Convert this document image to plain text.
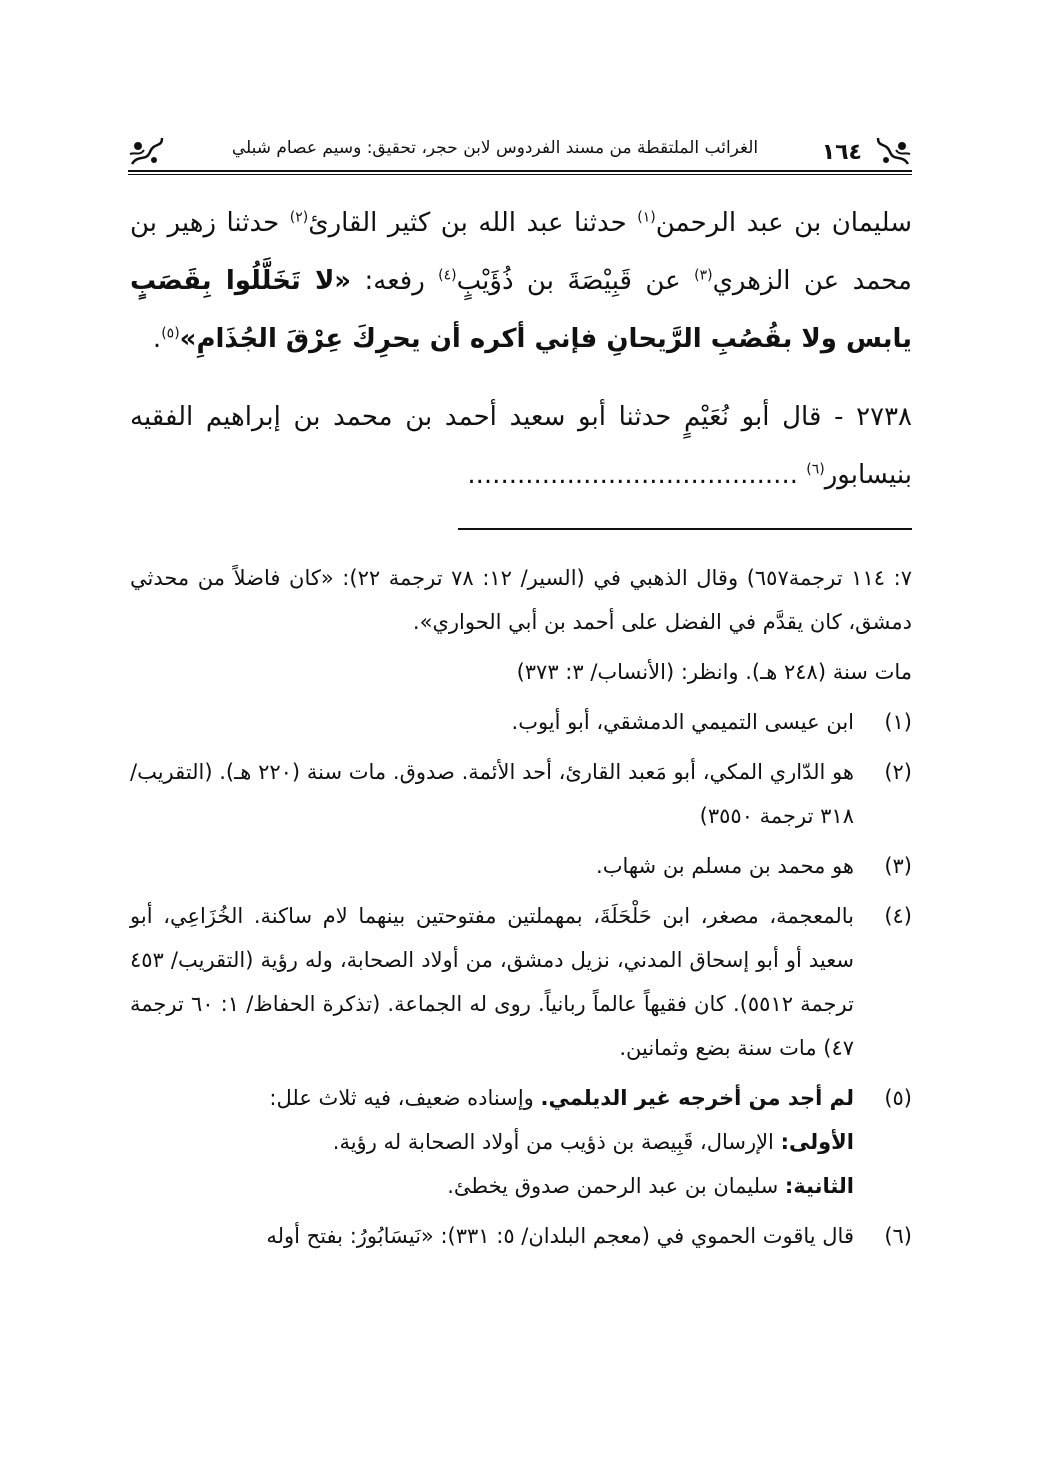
الغرائب الملتقطة من مسند الفردوس لابن حجر، تحقيق: وسيم عصام شبلي	١٦٤

سليمان بن عبد الرحمن$^{(١)}$ حدثنا عبد الله بن كثير القارئ$^{(٢)}$ حدثنا زهير بن محمد عن الزهري$^{(٣)}$ عن قَبِيْصَةَ بن ذُؤَيْبٍ$^{(٤)}$ رفعه: «لا تَخَلَّلُوا بِقَصَبٍ يابس ولا بقُصُبِ الرَّيحانِ فإني أكره أن يحرِكَ عِرْقَ الجُذَامِ»$^{(٥)}$.

٢٧٣٨ - قال أبو نُعَيْمٍ حدثنا أبو سعيد أحمد بن محمد بن إبراهيم الفقيه بنيسابور$^{(٦)}$ ........................................

٧: ١١٤ ترجمة٦٥٧) وقال الذهبي في (السير/ ١٢: ٧٨ ترجمة ٢٢): «كان فاضلاً من محدثي دمشق، كان يقدَّم في الفضل على أحمد بن أبي الحواري».

مات سنة (٢٤٨ هـ). وانظر: (الأنساب/ ٣: ٣٧٣)

(١)
ابن عيسى التميمي الدمشقي، أبو أيوب.
(٢)
هو الدّاري المكي، أبو مَعبد القارئ، أحد الأئمة. صدوق. مات سنة (٢٢٠ هـ). (التقريب/ ٣١٨ ترجمة ٣٥٥٠)
(٣)
هو محمد بن مسلم بن شهاب.
(٤)
بالمعجمة، مصغر، ابن حَلْحَلَةَ، بمهملتين مفتوحتين بينهما لام ساكنة. الخُزَاعِي، أبو سعيد أو أبو إسحاق المدني، نزيل دمشق، من أولاد الصحابة، وله رؤية (التقريب/ ٤٥٣ ترجمة ٥٥١٢). كان فقيهاً عالماً ربانياً. روى له الجماعة. (تذكرة الحفاظ/ ١: ٦٠ ترجمة ٤٧) مات سنة بضع وثمانين.
(٥)
لم أجد من أخرجه غير الديلمي. وإسناده ضعيف، فيه ثلاث علل:
الأولى: الإرسال، قَبِيصة بن ذؤيب من أولاد الصحابة له رؤية.
الثانية: سليمان بن عبد الرحمن صدوق يخطئ.
(٦)
قال ياقوت الحموي في (معجم البلدان/ ٥: ٣٣١): «نَيسَابُورُ: بفتح أوله
